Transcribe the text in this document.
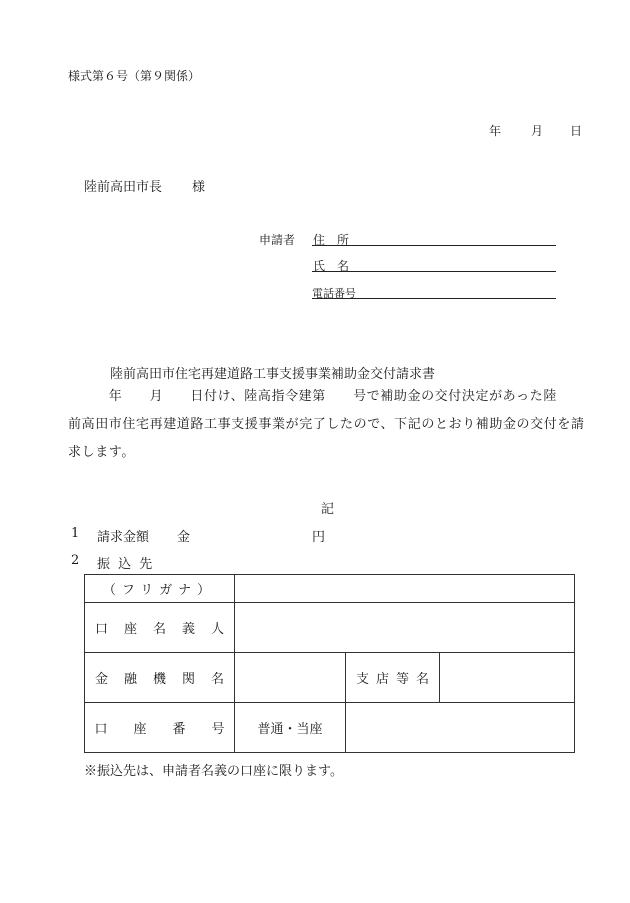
様式第６号（第９関係）
年 月 日
陸前高田市長 様
申請者 住　所
氏　名
電話番号
陸前高田市住宅再建道路工事支援事業補助金交付請求書
　　　年　　月　　日付け、陸高指令建第　　号で補助金の交付決定があった陸
前高田市住宅再建道路工事支援事業が完了したので、下記のとおり補助金の交付を請
求します。
記
1 請求金額 金	円
2 振 込 先
（フリガナ）			
口座名義人			
金融機関名		支店等名	
口　　座　　番　　号	普通・当座		
※振込先は、申請者名義の口座に限ります。
